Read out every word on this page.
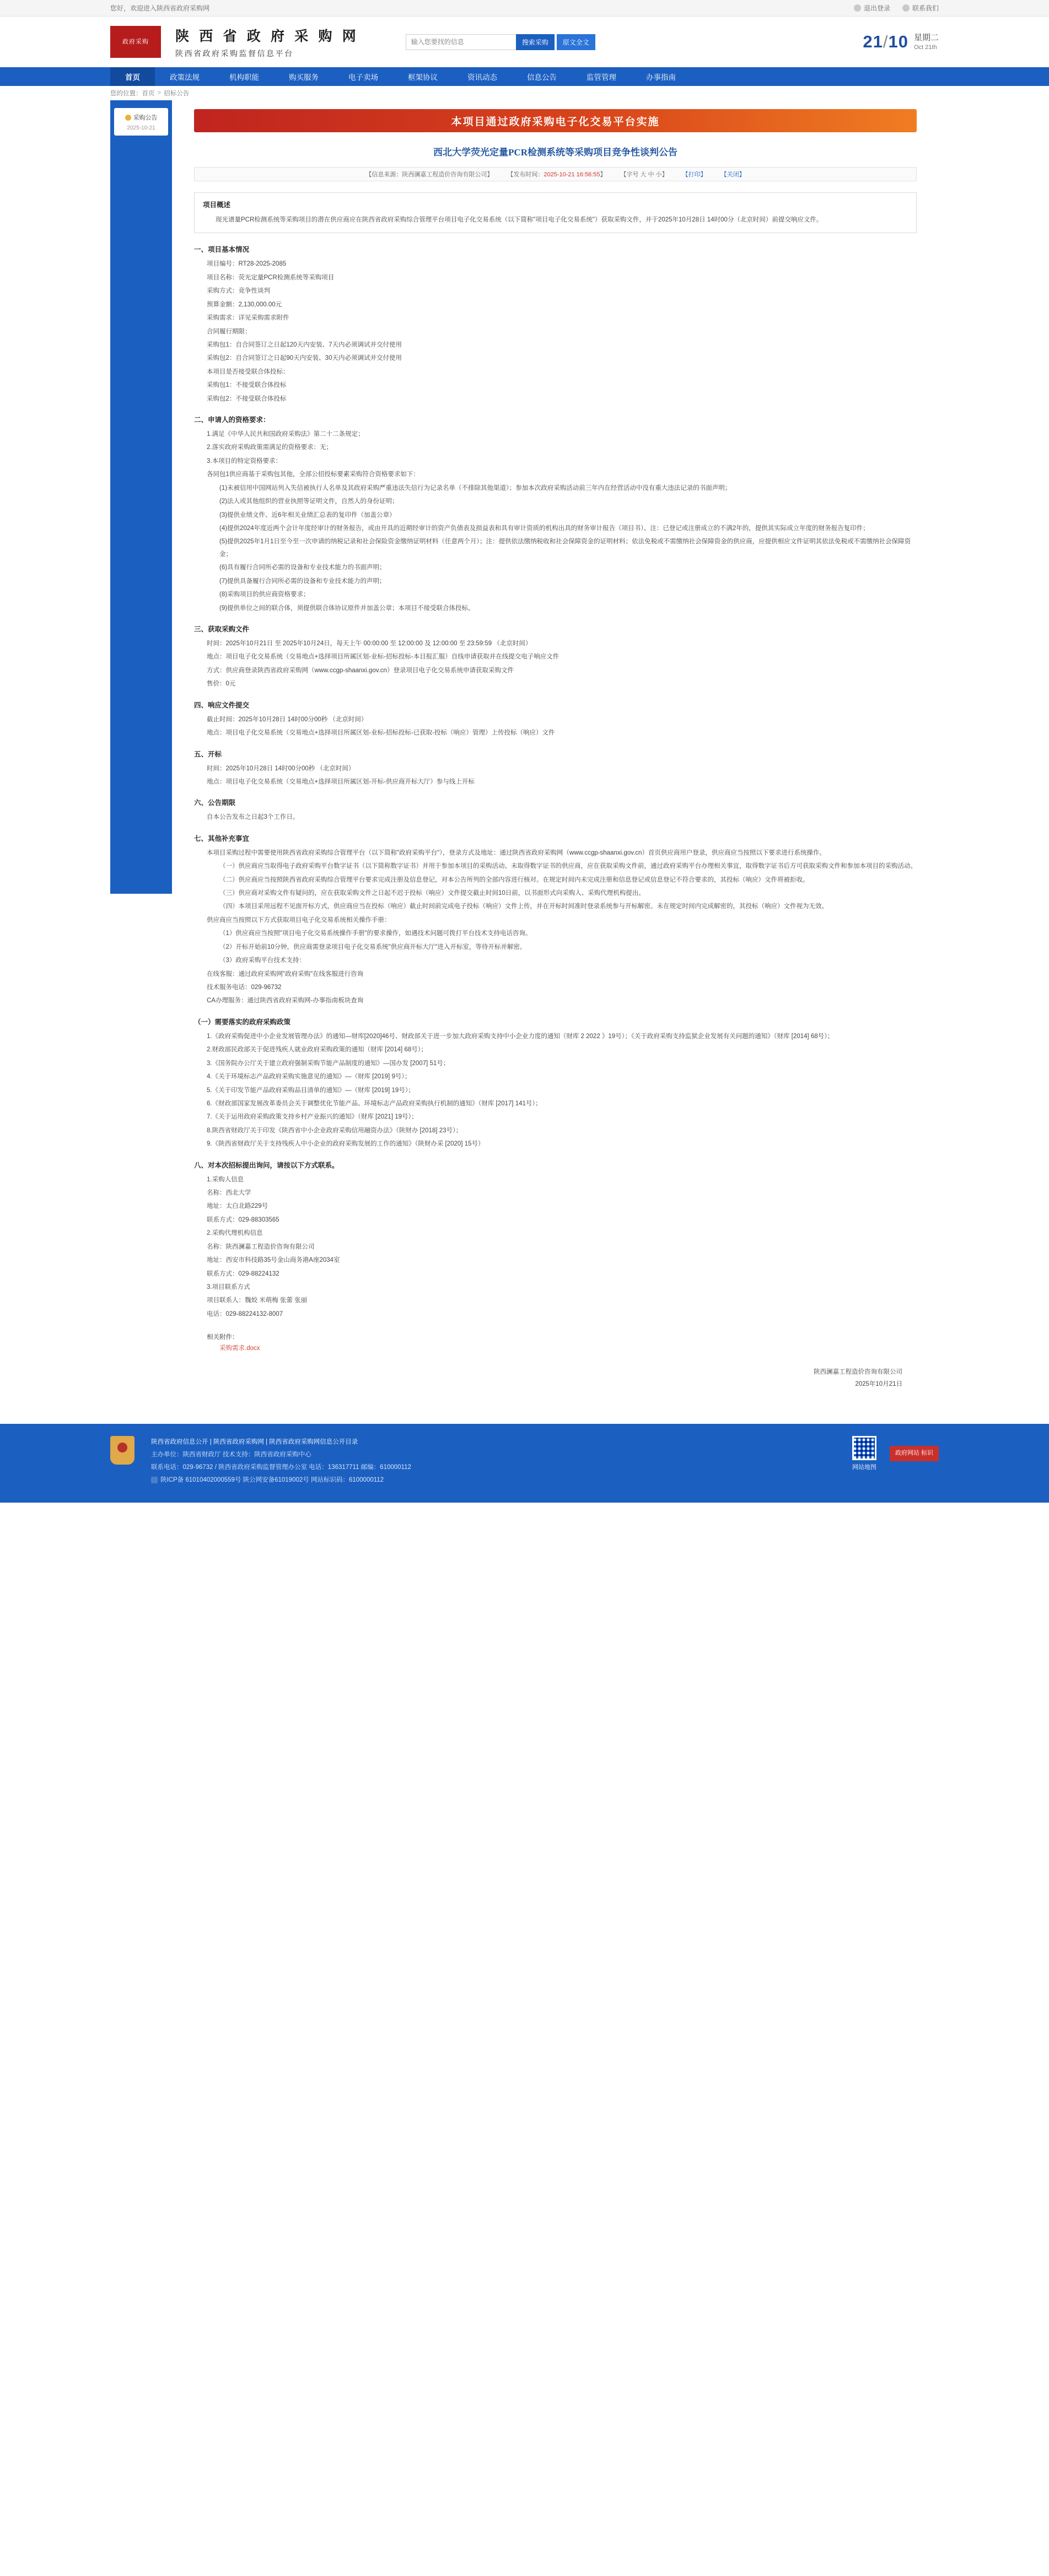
您好，欢迎进入陕西省政府采购网	退出登录	联系我们
政府采购	陕 西 省 政 府 采 购 网
陕西省政府采购监督信息平台
输入您要找的信息
搜索采购	原文全文	21/10 星期二
Oct 21th
首页	政策法规	机构职能	购买服务	电子卖场	框架协议	资讯动态	信息公告	监管管理	办事指南
您的位置： 首页 > 招标公告
采购公告
2025-10-21
本项目通过政府采购电子化交易平台实施
西北大学荧光定量PCR检测系统等采购项目竞争性谈判公告
【信息来源：陕西澜嘉工程造价咨询有限公司】 【发布时间：2025-10-21 16:56:55】 【字号 大 中 小】 【打印】 【关闭】
项目概述

现光谱量PCR检测系统等采购项目的潜在供应商应在陕西省政府采购综合管理平台项目电子化交易系统（以下简称"项目电子化交易系统"）获取采购文件，并于2025年10月28日 14时00分（北京时间）前提交响应文件。

一、项目基本情况
项目编号：RT28-2025-2085
项目名称：荧光定量PCR检测系统等采购项目
采购方式：竞争性谈判
预算金额：2,130,000.00元
采购需求：详见采购需求附件
合同履行期限：
采购包1：自合同签订之日起120天内安装、7天内必须调试并交付使用
采购包2：自合同签订之日起90天内安装、30天内必须调试并交付使用
本项目是否接受联合体投标：
采购包1：不接受联合体投标
采购包2：不接受联合体投标
二、申请人的资格要求：
1.满足《中华人民共和国政府采购法》第二十二条规定；
2.落实政府采购政策需满足的资格要求：无；
3.本项目的特定资格要求：
各同包1供应商基于采购包其他，全部公招投标要素采购符合资格要求如下：
(1)未被信用中国网站列入失信被执行人名单及其政府采购严重违法失信行为记录名单（不排除其他渠道）；参加本次政府采购活动前三年内在经营活动中没有重大违法记录的书面声明；
(2)法人或其他组织的营业执照等证明文件，自然人的身份证明；
(3)提供业绩文件、近6年相关业绩汇总表的复印件（加盖公章）
(4)提供2024年度近两个会计年度经审计的财务报告，或由开具的近期经审计的资产负债表及损益表和具有审计资质的机构出具的财务审计报告（项目书）、注：已登记或注册成立的不满2年的，提供其实际成立年度的财务报告复印件；
(5)提供2025年1月1日至今至一次申请的纳税记录和社会保险资金缴纳证明材料（任意两个月）；注：提供依法缴纳税收和社会保障资金的证明材料；依法免税或不需缴纳社会保障资金的供应商，应提供相应文件证明其依法免税或不需缴纳社会保障资金；
(6)具有履行合同所必需的设备和专业技术能力的书面声明；
(7)提供具备履行合同所必需的设备和专业技术能力的声明；
(8)采购项目的供应商资格要求；
(9)提供单位之间的联合体，须提供联合体协议原件并加盖公章；本项目不接受联合体投标。
三、获取采购文件
时间：2025年10月21日 至 2025年10月24日，每天上午 00:00:00 至 12:00:00 及 12:00:00 至 23:59:59 （北京时间）
地点：项目电子化交易系统（交易地点+选择项目所属区划-业标-招标投标-本目报汇服）自线申请获取并在线提交电子响应文件
方式：供应商登录陕西省政府采购网（www.ccgp-shaanxi.gov.cn）登录项目电子化交易系统申请获取采购文件
售价：0元
四、响应文件提交
截止时间：2025年10月28日 14时00分00秒 （北京时间）
地点：项目电子化交易系统（交易地点+选择项目所属区划-业标-招标投标-已获取-投标（响应）管理）上传投标（响应）文件
五、开标
时间：2025年10月28日 14时00分00秒 （北京时间）
地点：项目电子化交易系统（交易地点+选择项目所属区划-开标-供应商开标大厅）参与线上开标
六、公告期限
自本公告发布之日起3个工作日。
七、其他补充事宜
本项目采购过程中需要使用陕西省政府采购综合管理平台（以下简称"政府采购平台"），登录方式及地址：通过陕西省政府采购网（www.ccgp-shaanxi.gov.cn）首页供应商用户登录，供应商应当按照以下要求进行系统操作。
（一）供应商应当取得电子政府采购平台数字证书（以下简称数字证书）并用于参加本项目的采购活动。未取得数字证书的供应商，应在获取采购文件前，通过政府采购平台办理相关事宜，取得数字证书后方可获取采购文件和参加本项目的采购活动。
（二）供应商应当按照陕西省政府采购综合管理平台要求完成注册及信息登记，对本公告所列的全部内容进行核对。在规定时间内未完成注册和信息登记或信息登记不符合要求的，其投标（响应）文件将被拒收。
（三）供应商对采购文件有疑问的，应在获取采购文件之日起不迟于投标（响应）文件提交截止时间10日前，以书面形式向采购人、采购代理机构提出。
（四）本项目采用远程不见面开标方式，供应商应当在投标（响应）截止时间前完成电子投标（响应）文件上传，并在开标时间准时登录系统参与开标解密。未在规定时间内完成解密的，其投标（响应）文件视为无效。
供应商应当按照以下方式获取项目电子化交易系统相关操作手册：
（1）供应商应当按照"项目电子化交易系统操作手册"的要求操作，如遇技术问题可拨打平台技术支持电话咨询。
（2）开标开始前10分钟，供应商需登录项目电子化交易系统"供应商开标大厅"进入开标室，等待开标并解密。
（3）政府采购平台技术支持：
在线客服：通过政府采购网"政府采购"在线客服进行咨询
技术服务电话：029-96732
CA办理服务：通过陕西省政府采购网-办事指南板块查询
（一）需要落实的政府采购政策
1.《政府采购促进中小企业发展管理办法》的通知—财库[2020]46号、财政部关于进一步加大政府采购支持中小企业力度的通知（财库 2 2022 》19号）；《关于政府采购支持监狱企业发展有关问题的通知》（财库 [2014] 68号）；
2.财政部民政部关于促进残疾人就业政府采购政策的通知（财库 [2014] 68号）；
3.《国务院办公厅关于建立政府强制采购节能产品制度的通知》—国办发 [2007] 51号；
4.《关于环境标志产品政府采购实施意见的通知》—（财库 [2019] 9号）；
5.《关于印发节能产品政府采购品目清单的通知》—（财库 [2019] 19号）；
6.《财政部国家发展改革委员会关于调整优化节能产品、环境标志产品政府采购执行机制的通知》（财库 [2017] 141号）；
7.《关于运用政府采购政策支持乡村产业振兴的通知》（财库 [2021] 19号）；
8.陕西省财政厅关于印发《陕西省中小企业政府采购信用融资办法》（陕财办 [2018] 23号）；
9.《陕西省财政厅关于支持残疾人中小企业的政府采购发展的工作的通知》（陕财办采 [2020] 15号）
八、对本次招标提出询问，请按以下方式联系。
1.采购人信息
名称：西北大学
地址：太白北路229号
联系方式：029-88303565
2.采购代理机构信息
名称：陕西澜嘉工程造价咨询有限公司
地址：西安市科技路35号金山商务港A座2034室
联系方式：029-88224132
3.项目联系方式
项目联系人：魏姣 米萌梅 张蕾 张丽
电话：029-88224132-8007
相关附件：
采购需求.docx
陕西澜嘉工程造价咨询有限公司
2025年10月21日
陕西省政府信息公开 | 陕西省政府采购网 | 陕西省政府采购网信息公开目录
主办单位：陕西省财政厅 技术支持：陕西省政府采购中心
联系电话：029-96732 / 陕西省政府采购监督管理办公室 电话：136317711 邮编：610000112
陕ICP备 61010402000559号 陕公网安备61019002号 网站标识码：6100000112
网站地图
政府网站 标识
